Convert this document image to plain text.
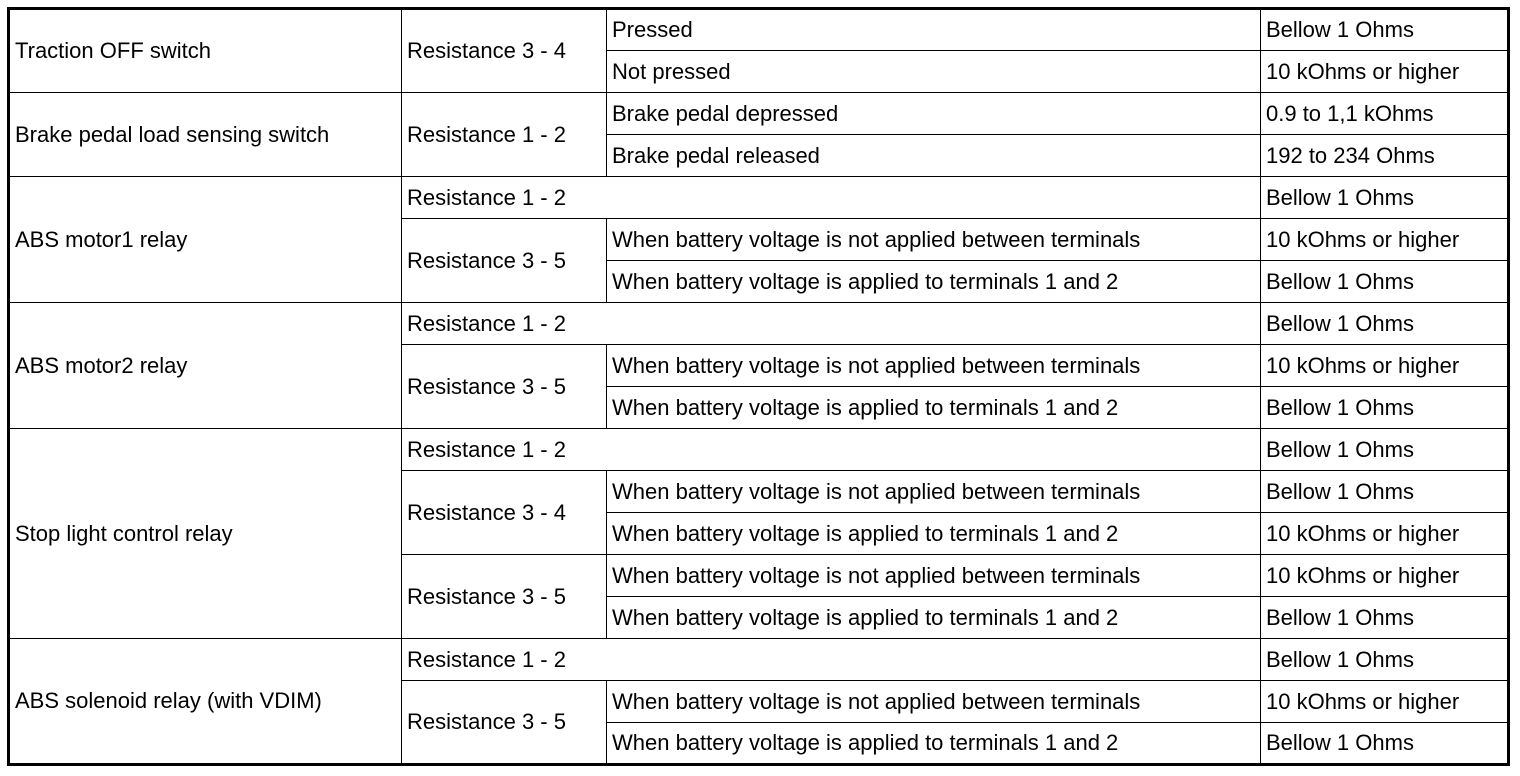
Traction OFF switch	Resistance 3 - 4	Pressed	Bellow 1 Ohms
		Not pressed	10 kOhms or higher
Brake pedal load sensing switch	Resistance 1 - 2	Brake pedal depressed	0.9 to 1,1 kOhms
		Brake pedal released	192 to 234 Ohms
ABS motor1 relay	Resistance 1 - 2		Bellow 1 Ohms
	Resistance 3 - 5	When battery voltage is not applied between terminals	10 kOhms or higher
		When battery voltage is applied to terminals 1 and 2	Bellow 1 Ohms
ABS motor2 relay	Resistance 1 - 2		Bellow 1 Ohms
	Resistance 3 - 5	When battery voltage is not applied between terminals	10 kOhms or higher
		When battery voltage is applied to terminals 1 and 2	Bellow 1 Ohms
Stop light control relay	Resistance 1 - 2		Bellow 1 Ohms
	Resistance 3 - 4	When battery voltage is not applied between terminals	Bellow 1 Ohms
		When battery voltage is applied to terminals 1 and 2	10 kOhms or higher
	Resistance 3 - 5	When battery voltage is not applied between terminals	10 kOhms or higher
		When battery voltage is applied to terminals 1 and 2	Bellow 1 Ohms
ABS solenoid relay (with VDIM)	Resistance 1 - 2		Bellow 1 Ohms
	Resistance 3 - 5	When battery voltage is not applied between terminals	10 kOhms or higher
		When battery voltage is applied to terminals 1 and 2	Bellow 1 Ohms
